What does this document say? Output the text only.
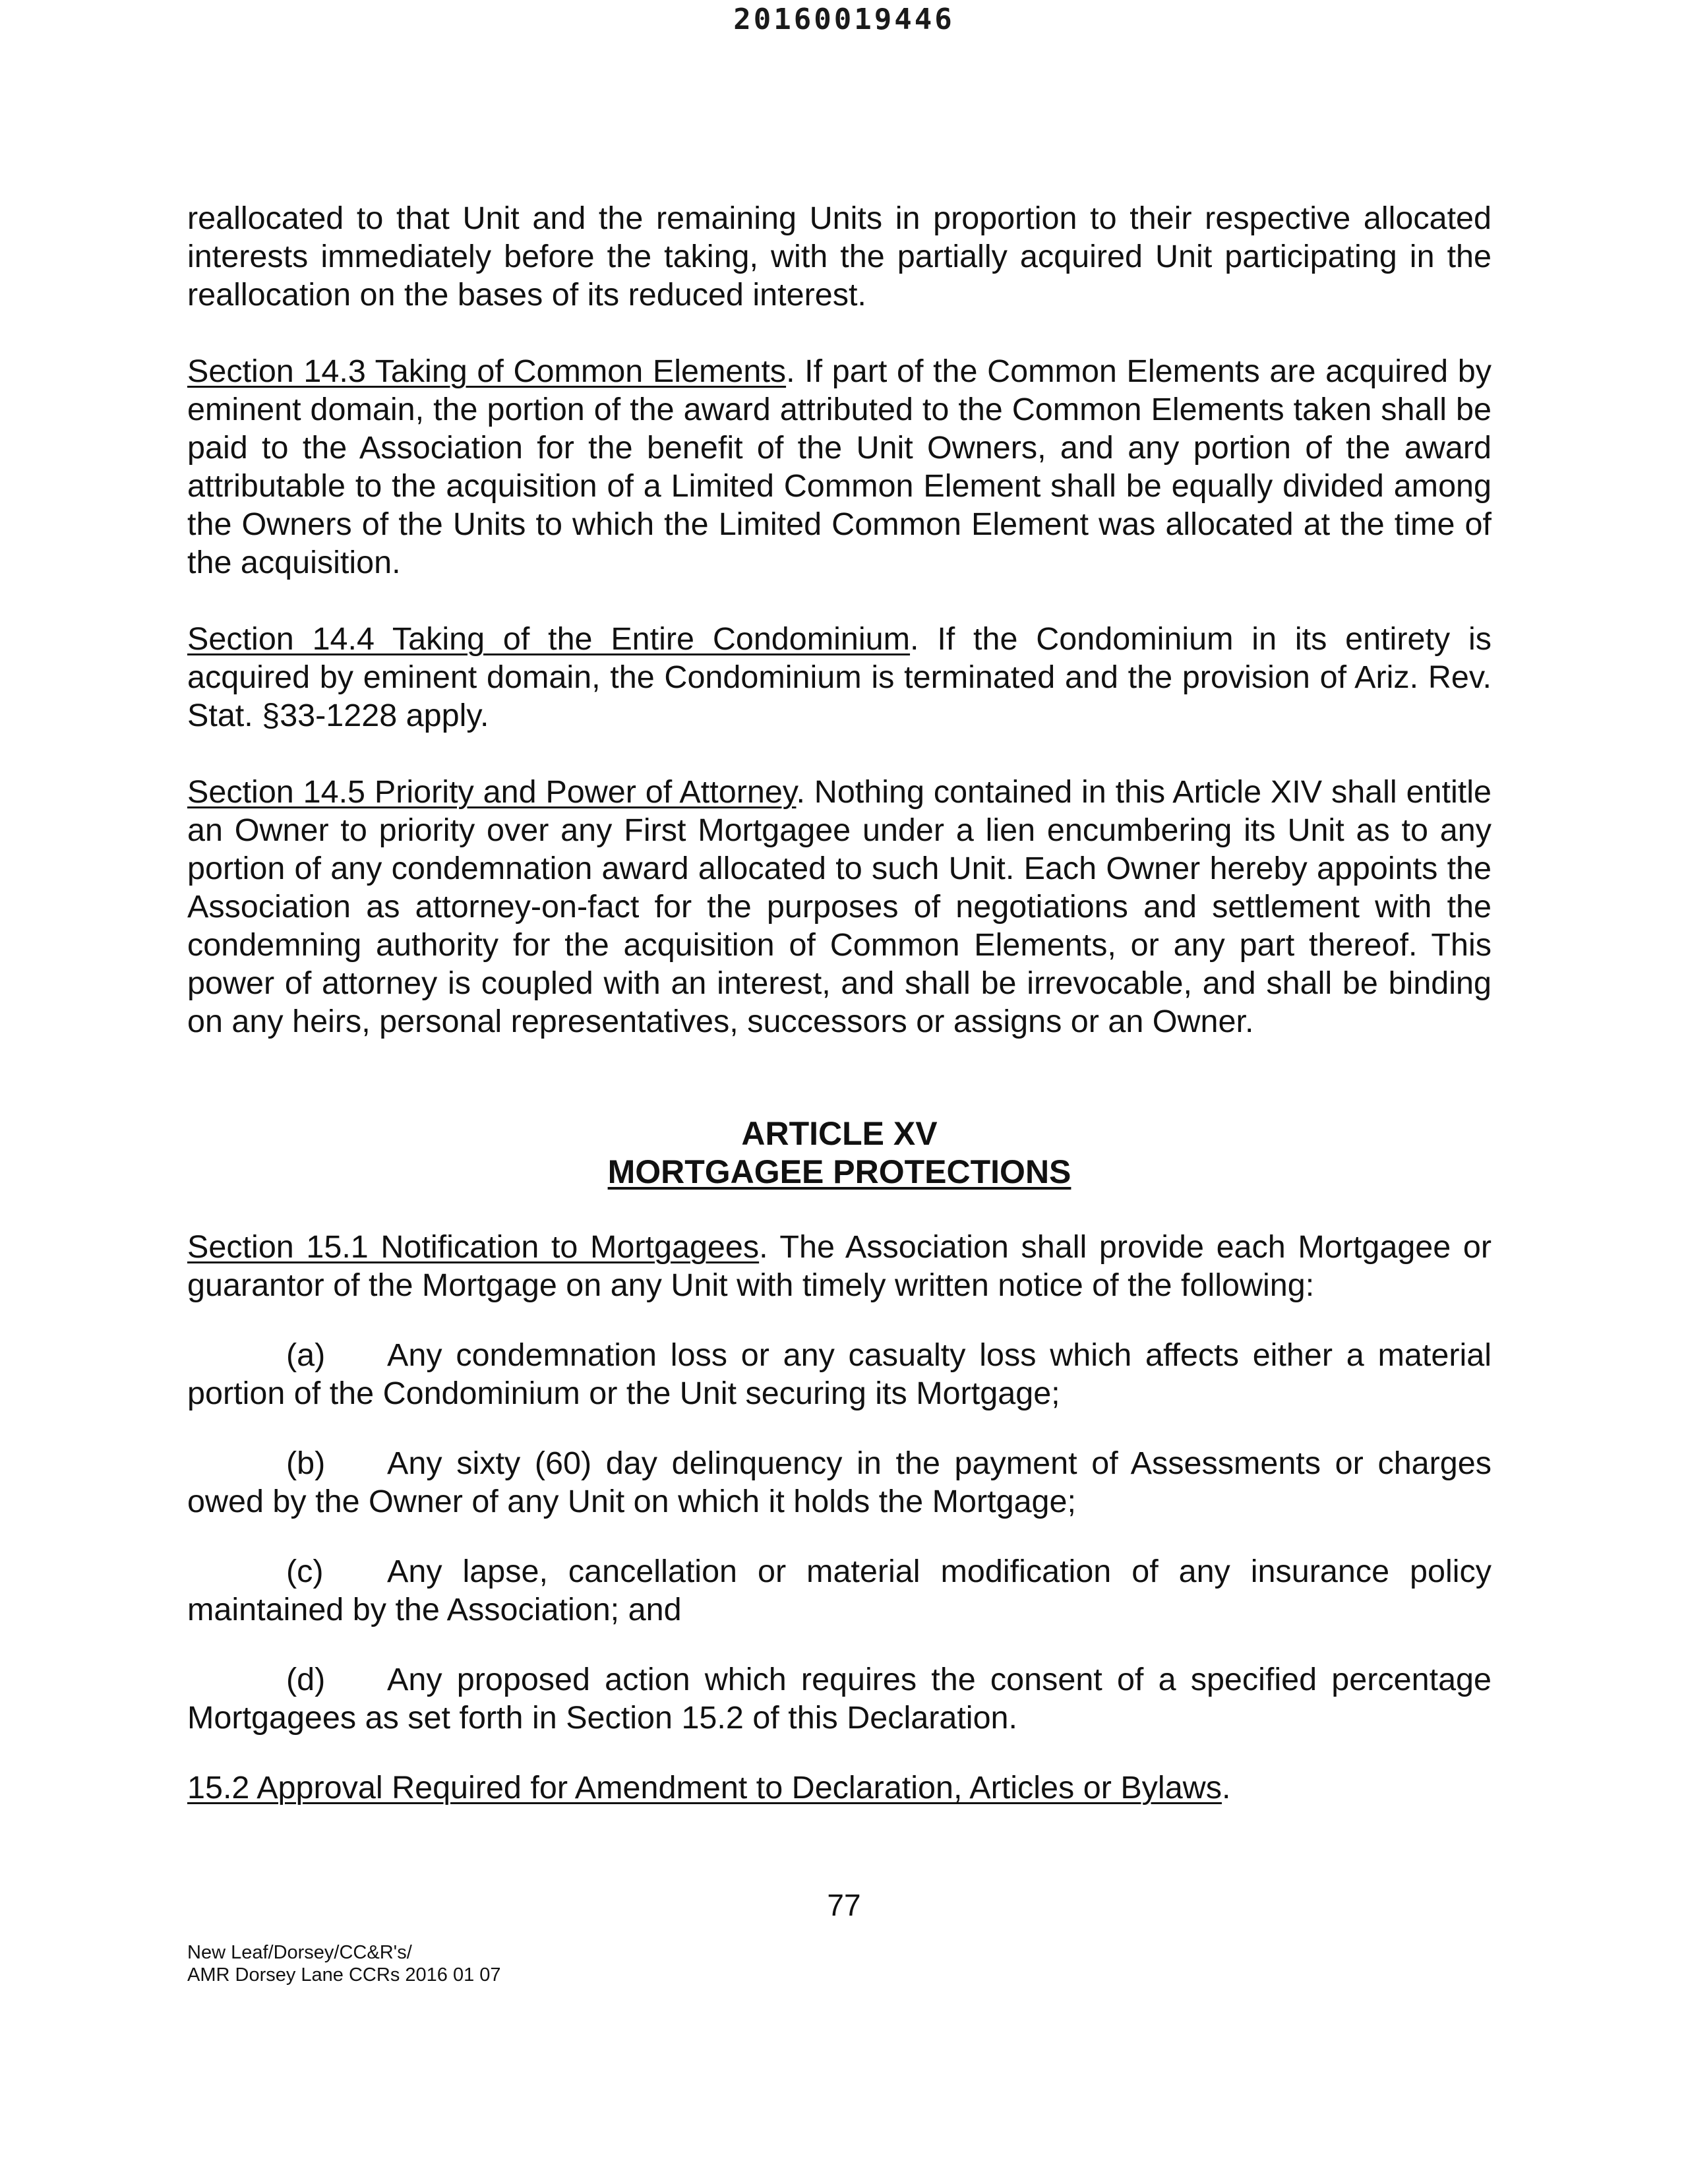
20160019446

reallocated to that Unit and the remaining Units in proportion to their respective allocated interests immediately before the taking, with the partially acquired Unit participating in the reallocation on the bases of its reduced interest.

Section 14.3 Taking of Common Elements. If part of the Common Elements are acquired by eminent domain, the portion of the award attributed to the Common Elements taken shall be paid to the Association for the benefit of the Unit Owners, and any portion of the award attributable to the acquisition of a Limited Common Element shall be equally divided among the Owners of the Units to which the Limited Common Element was allocated at the time of the acquisition.

Section 14.4 Taking of the Entire Condominium. If the Condominium in its entirety is acquired by eminent domain, the Condominium is terminated and the provision of Ariz. Rev. Stat. §33-1228 apply.

Section 14.5 Priority and Power of Attorney. Nothing contained in this Article XIV shall entitle an Owner to priority over any First Mortgagee under a lien encumbering its Unit as to any portion of any condemnation award allocated to such Unit. Each Owner hereby appoints the Association as attorney-on-fact for the purposes of negotiations and settlement with the condemning authority for the acquisition of Common Elements, or any part thereof. This power of attorney is coupled with an interest, and shall be irrevocable, and shall be binding on any heirs, personal representatives, successors or assigns or an Owner.

ARTICLE XV
MORTGAGEE PROTECTIONS

Section 15.1 Notification to Mortgagees. The Association shall provide each Mortgagee or guarantor of the Mortgage on any Unit with timely written notice of the following:

(a) Any condemnation loss or any casualty loss which affects either a material portion of the Condominium or the Unit securing its Mortgage;

(b) Any sixty (60) day delinquency in the payment of Assessments or charges owed by the Owner of any Unit on which it holds the Mortgage;

(c) Any lapse, cancellation or material modification of any insurance policy maintained by the Association; and

(d) Any proposed action which requires the consent of a specified percentage Mortgagees as set forth in Section 15.2 of this Declaration.

15.2 Approval Required for Amendment to Declaration, Articles or Bylaws.

77
New Leaf/Dorsey/CC&R's/
AMR Dorsey Lane CCRs 2016 01 07
